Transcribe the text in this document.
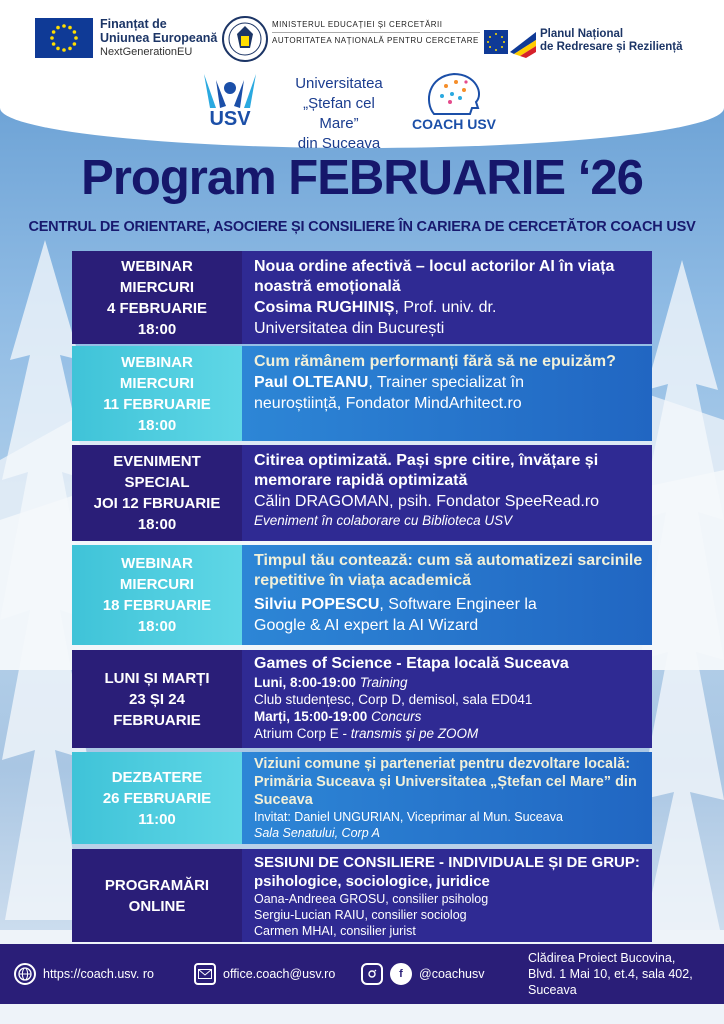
Finanțat de
Uniunea Europeană
NextGenerationEU
MINISTERUL EDUCAȚIEI ȘI CERCETĂRII
AUTORITATEA NAȚIONALĂ PENTRU CERCETARE
Planul Național
de Redresare și Reziliență
USV
Universitatea
„Ștefan cel Mare”
din Suceava
COACH USV
Program FEBRUARIE ‘26
CENTRUL DE ORIENTARE, ASOCIERE ȘI CONSILIERE ÎN CARIERA DE CERCETĂTOR COACH USV
WEBINAR
MIERCURI
4 FEBRUARIE
18:00
Noua ordine afectivă – locul actorilor AI în viața noastră emoțională
Cosima RUGHINIȘ, Prof. univ. dr.
Universitatea din București
WEBINAR
MIERCURI
11 FEBRUARIE
18:00
Cum rămânem performanți fără să ne epuizăm?
Paul OLTEANU, Trainer specializat în
neuroștiință, Fondator MindArhitect.ro
EVENIMENT
SPECIAL
JOI 12 FBRUARIE
18:00
Citirea optimizată. Pași spre citire, învățare și memorare rapidă optimizată
Călin DRAGOMAN, psih. Fondator SpeeRead.ro
Eveniment în colaborare cu Biblioteca USV
WEBINAR
MIERCURI
18 FEBRUARIE
18:00
Timpul tău contează: cum să automatizezi sarcinile repetitive în viața academică
Silviu POPESCU, Software Engineer la
Google & AI expert la AI Wizard
LUNI ȘI MARȚI
23 ȘI 24
FEBRUARIE
Games of Science - Etapa locală Suceava
Luni, 8:00-19:00 Training
Club studențesc, Corp D, demisol, sala ED041
Marți, 15:00-19:00 Concurs
Atrium Corp E - transmis și pe ZOOM
DEZBATERE
26 FEBRUARIE
11:00
Viziuni comune și parteneriat pentru dezvoltare locală: Primăria Suceava și Universitatea „Ștefan cel Mare” din Suceava
Invitat: Daniel UNGURIAN, Viceprimar al Mun. Suceava
Sala Senatului, Corp A
PROGRAMĂRI
ONLINE
SESIUNI DE CONSILIERE - INDIVIDUALE ȘI DE GRUP: psihologice, sociologice, juridice
Oana-Andreea GROSU, consilier psiholog
Sergiu-Lucian RAIU, consilier sociolog
Carmen MHAI, consilier jurist
https://coach.usv. ro	office.coach@usv.ro	f	@coachusv
Clădirea Proiect Bucovina,
Blvd. 1 Mai 10, et.4, sala 402,
Suceava
